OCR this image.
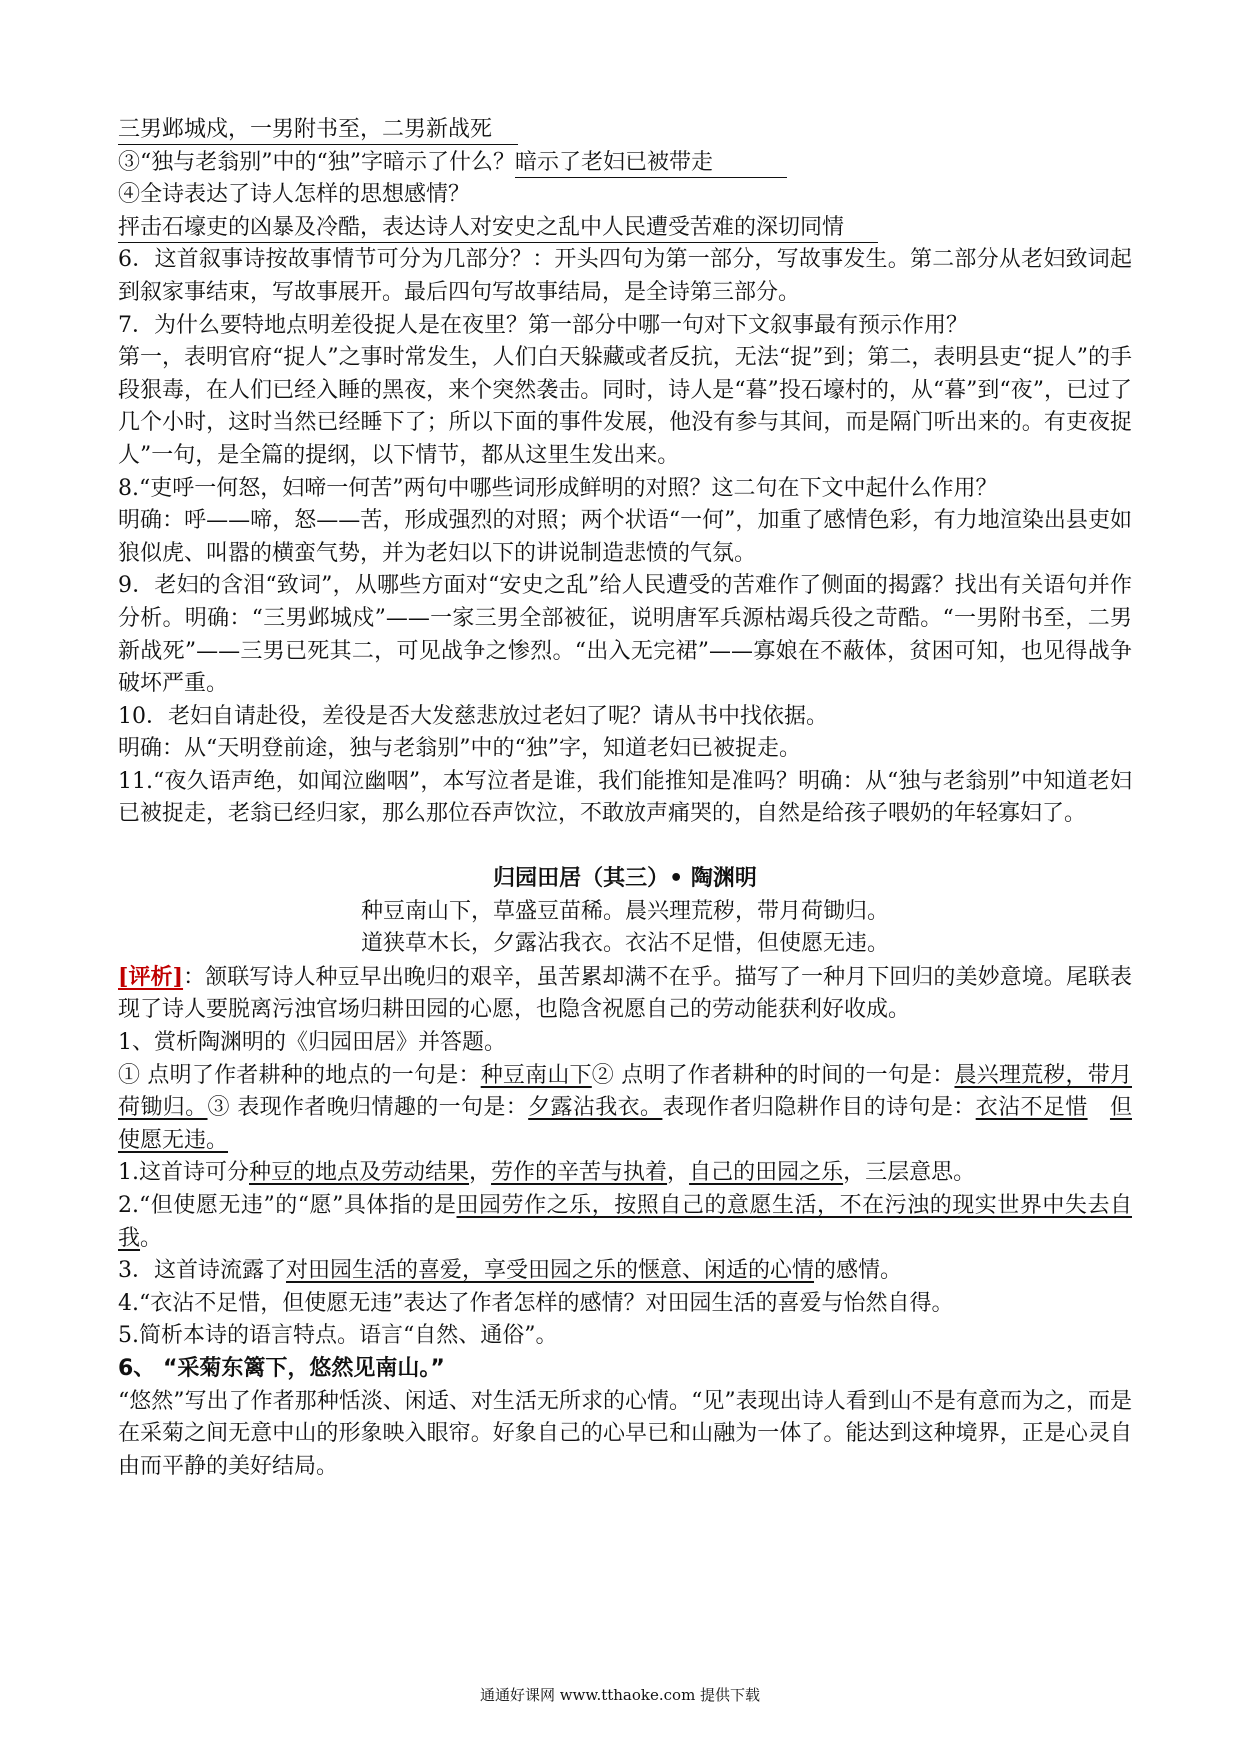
三男邺城戍，一男附书至，二男新战死
③“独与老翁别”中的“独”字暗示了什么？暗示了老妇已被带走
④全诗表达了诗人怎样的思想感情？
抨击石壕吏的凶暴及冷酷，表达诗人对安史之乱中人民遭受苦难的深切同情
6．这首叙事诗按故事情节可分为几部分？：开头四句为第一部分，写故事发生。第二部分从老妇致词起到叙家事结束，写故事展开。最后四句写故事结局，是全诗第三部分。
7．为什么要特地点明差役捉人是在夜里？第一部分中哪一句对下文叙事最有预示作用？
第一，表明官府“捉人”之事时常发生，人们白天躲藏或者反抗，无法“捉”到；第二，表明县吏“捉人”的手段狠毒，在人们已经入睡的黑夜，来个突然袭击。同时，诗人是“暮”投石壕村的，从“暮”到“夜”，已过了几个小时，这时当然已经睡下了；所以下面的事件发展，他没有参与其间，而是隔门听出来的。有吏夜捉人”一句，是全篇的提纲，以下情节，都从这里生发出来。
8.“吏呼一何怒，妇啼一何苦”两句中哪些词形成鲜明的对照？这二句在下文中起什么作用？
明确：呼——啼，怒——苦，形成强烈的对照；两个状语“一何”，加重了感情色彩，有力地渲染出县吏如狼似虎、叫嚣的横蛮气势，并为老妇以下的讲说制造悲愤的气氛。
9．老妇的含泪“致词”，从哪些方面对“安史之乱”给人民遭受的苦难作了侧面的揭露？找出有关语句并作分析。明确：“三男邺城戍”——一家三男全部被征，说明唐军兵源枯竭兵役之苛酷。“一男附书至，二男新战死”——三男已死其二，可见战争之惨烈。“出入无完裙”——寡娘在不蔽体，贫困可知，也见得战争破坏严重。
10．老妇自请赴役，差役是否大发慈悲放过老妇了呢？请从书中找依据。
明确：从“天明登前途，独与老翁别”中的“独”字，知道老妇已被捉走。
11.“夜久语声绝，如闻泣幽咽”，本写泣者是谁，我们能推知是准吗？明确：从“独与老翁别”中知道老妇已被捉走，老翁已经归家，那么那位吞声饮泣，不敢放声痛哭的，自然是给孩子喂奶的年轻寡妇了。
归园田居（其三）• 陶渊明
种豆南山下，草盛豆苗稀。晨兴理荒秽，带月荷锄归。
道狭草木长，夕露沾我衣。衣沾不足惜，但使愿无违。
[评析]：颔联写诗人种豆早出晚归的艰辛，虽苦累却满不在乎。描写了一种月下回归的美妙意境。尾联表现了诗人要脱离污浊官场归耕田园的心愿，也隐含祝愿自己的劳动能获利好收成。
1、赏析陶渊明的《归园田居》并答题。
① 点明了作者耕种的地点的一句是：种豆南山下② 点明了作者耕种的时间的一句是：晨兴理荒秽，带月荷锄归。③ 表现作者晚归情趣的一句是：夕露沾我衣。表现作者归隐耕作目的诗句是：衣沾不足惜　 但使愿无违。
1.这首诗可分种豆的地点及劳动结果，劳作的辛苦与执着，自己的田园之乐，三层意思。
2.“但使愿无违”的“愿”具体指的是田园劳作之乐，按照自己的意愿生活，不在污浊的现实世界中失去自我。
3．这首诗流露了对田园生活的喜爱，享受田园之乐的惬意、闲适的心情的感情。
4.“衣沾不足惜，但使愿无违”表达了作者怎样的感情？对田园生活的喜爱与怡然自得。
5.简析本诗的语言特点。语言“自然、通俗”。
6、 “采菊东篱下，悠然见南山。”
“悠然”写出了作者那种恬淡、闲适、对生活无所求的心情。“见”表现出诗人看到山不是有意而为之，而是在采菊之间无意中山的形象映入眼帘。好象自己的心早已和山融为一体了。能达到这种境界，正是心灵自由而平静的美好结局。
通通好课网 www.tthaoke.com 提供下载
